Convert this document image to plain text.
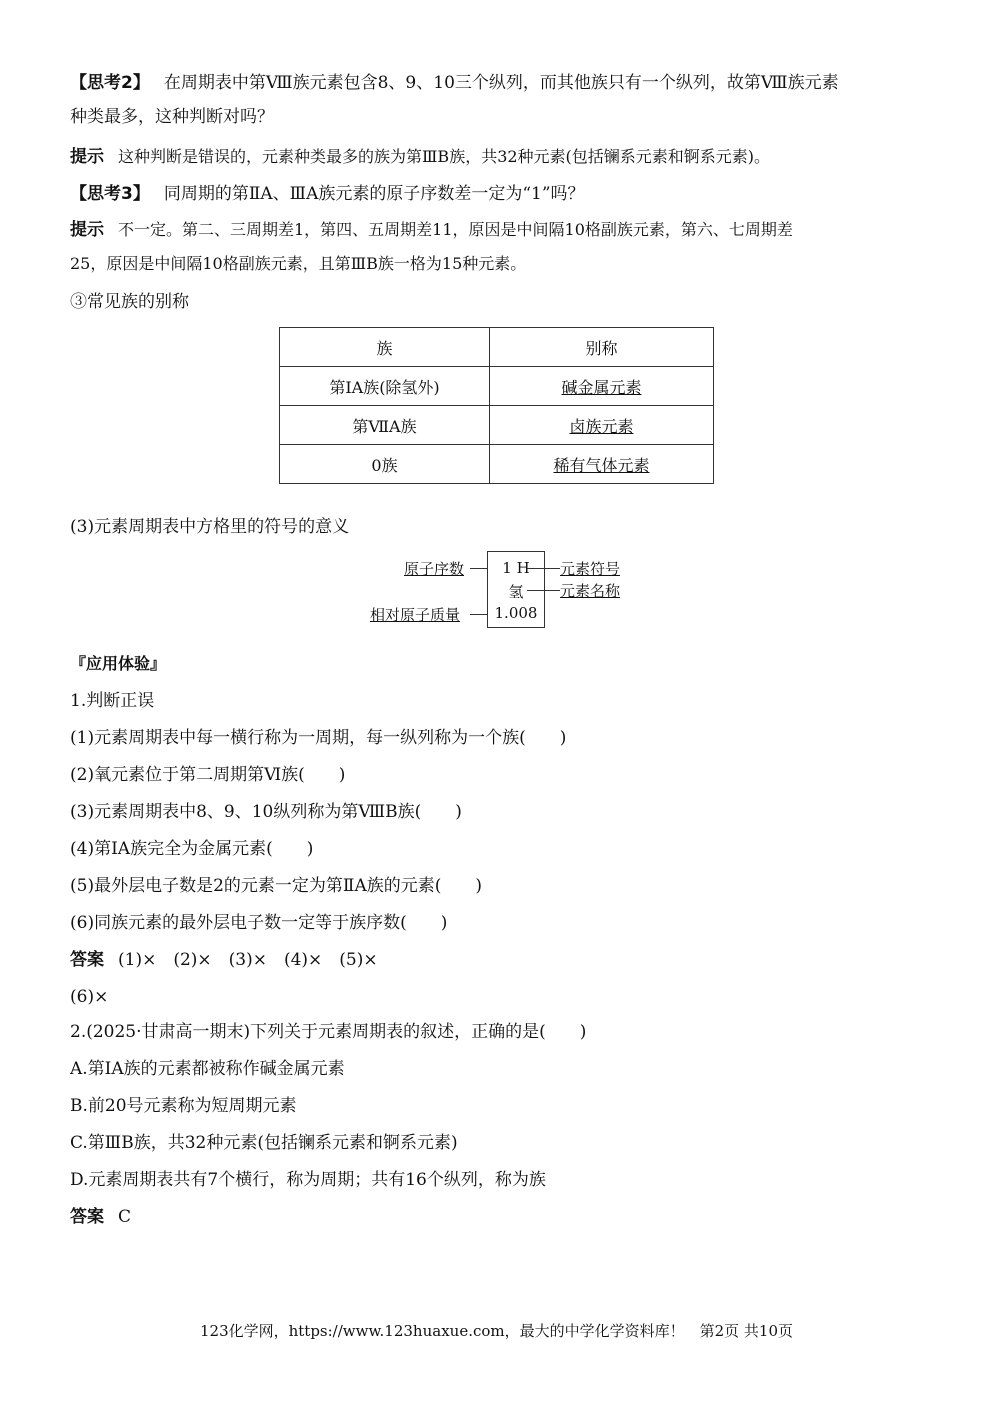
【思考2】 在周期表中第Ⅷ族元素包含8、9、10三个纵列，而其他族只有一个纵列，故第Ⅷ族元素
种类最多，这种判断对吗？
提示 这种判断是错误的，元素种类最多的族为第ⅢB族，共32种元素(包括镧系元素和锕系元素)。
【思考3】 同周期的第ⅡA、ⅢA族元素的原子序数差一定为“1”吗？
提示 不一定。第二、三周期差1，第四、五周期差11，原因是中间隔10格副族元素，第六、七周期差
25，原因是中间隔10格副族元素，且第ⅢB族一格为15种元素。
③常见族的别称
族	别称
第ⅠA族(除氢外)	碱金属元素
第ⅦA族	卤族元素
0族	稀有气体元素
(3)元素周期表中方格里的符号的意义
原子序数
相对原子质量
1 H
氢
1.008
元素符号
元素名称
『应用体验』
1.判断正误
(1)元素周期表中每一横行称为一周期，每一纵列称为一个族(　　)
(2)氧元素位于第二周期第Ⅵ族(　　)
(3)元素周期表中8、9、10纵列称为第ⅧB族(　　)
(4)第ⅠA族完全为金属元素(　　)
(5)最外层电子数是2的元素一定为第ⅡA族的元素(　　)
(6)同族元素的最外层电子数一定等于族序数(　　)
答案 (1)×　(2)×　(3)×　(4)×　(5)×
(6)×
2.(2025·甘肃高一期末)下列关于元素周期表的叙述，正确的是(　　)
A.第ⅠA族的元素都被称作碱金属元素
B.前20号元素称为短周期元素
C.第ⅢB族，共32种元素(包括镧系元素和锕系元素)
D.元素周期表共有7个横行，称为周期；共有16个纵列，称为族
答案 C
123化学网，https://www.123huaxue.com，最大的中学化学资料库！　第2页 共10页
